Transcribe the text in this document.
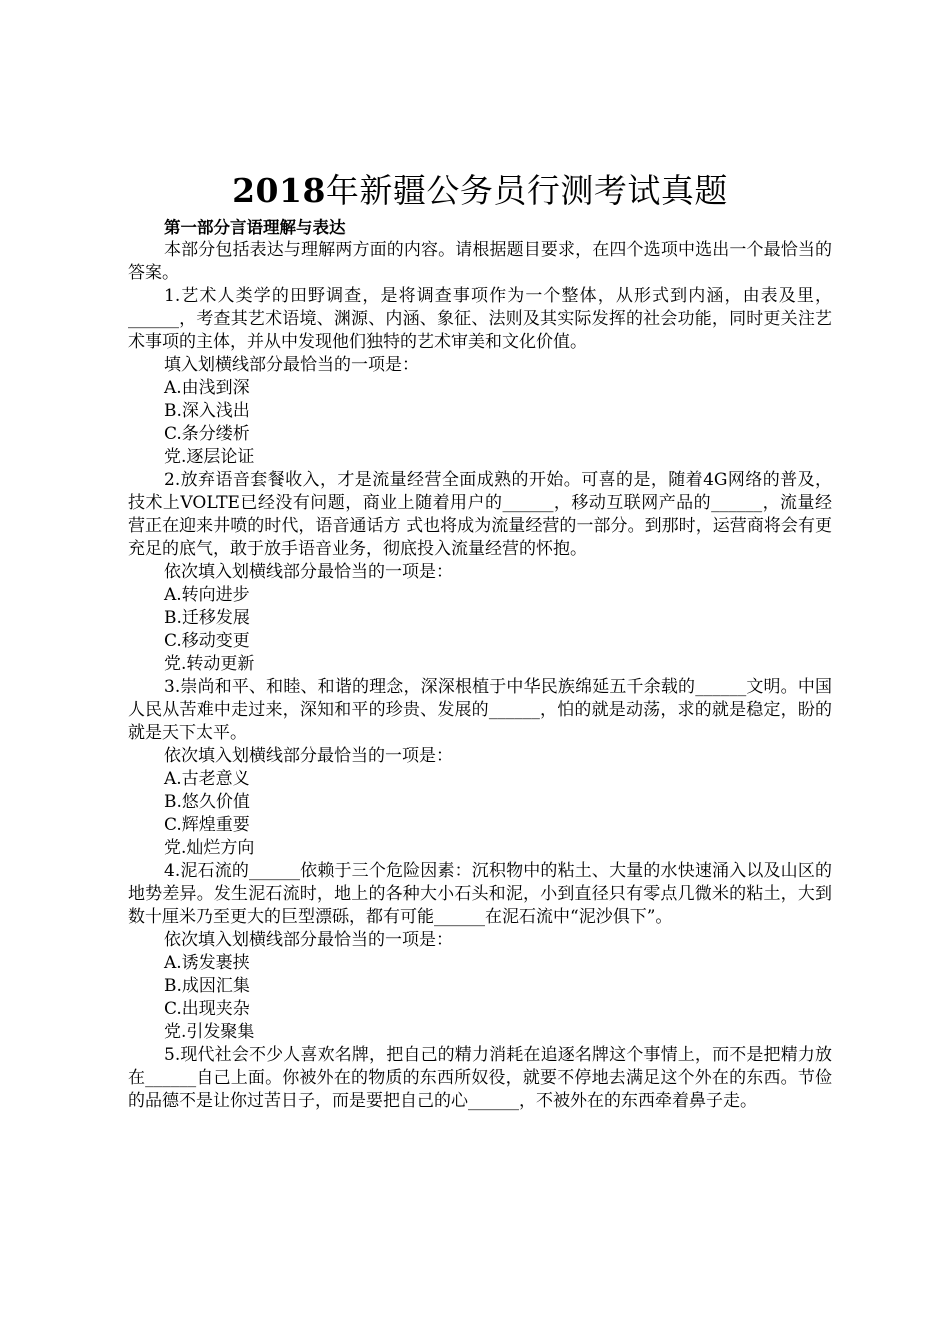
2018年新疆公务员行测考试真题
第一部分言语理解与表达

本部分包括表达与理解两方面的内容。请根据题目要求，在四个选项中选出一个最恰当的答案。

1.艺术人类学的田野调查，是将调查事项作为一个整体，从形式到内涵，由表及里，______，考查其艺术语境、渊源、内涵、象征、法则及其实际发挥的社会功能，同时更关注艺术事项的主体，并从中发现他们独特的艺术审美和文化价值。

填入划横线部分最恰当的一项是：

A.由浅到深
B.深入浅出
C.条分缕析
党.逐层论证

2.放弃语音套餐收入，才是流量经营全面成熟的开始。可喜的是，随着4G网络的普及，技术上VOLTE已经没有问题，商业上随着用户的______，移动互联网产品的______，流量经营正在迎来井喷的时代，语音通话方 式也将成为流量经营的一部分。到那时，运营商将会有更充足的底气，敢于放手语音业务，彻底投入流量经营的怀抱。

依次填入划横线部分最恰当的一项是：

A.转向进步
B.迁移发展
C.移动变更
党.转动更新

3.崇尚和平、和睦、和谐的理念，深深根植于中华民族绵延五千余载的______文明。中国人民从苦难中走过来，深知和平的珍贵、发展的______，怕的就是动荡，求的就是稳定，盼的就是天下太平。

依次填入划横线部分最恰当的一项是：

A.古老意义
B.悠久价值
C.辉煌重要
党.灿烂方向

4.泥石流的______依赖于三个危险因素：沉积物中的粘土、大量的水快速涌入以及山区的地势差异。发生泥石流时，地上的各种大小石头和泥，小到直径只有零点几微米的粘土，大到数十厘米乃至更大的巨型漂砾，都有可能______在泥石流中“泥沙俱下”。

依次填入划横线部分最恰当的一项是：

A.诱发裹挟
B.成因汇集
C.出现夹杂
党.引发聚集

5.现代社会不少人喜欢名牌，把自己的精力消耗在追逐名牌这个事情上，而不是把精力放在______自己上面。你被外在的物质的东西所奴役，就要不停地去满足这个外在的东西。节俭的品德不是让你过苦日子，而是要把自己的心______，不被外在的东西牵着鼻子走。
